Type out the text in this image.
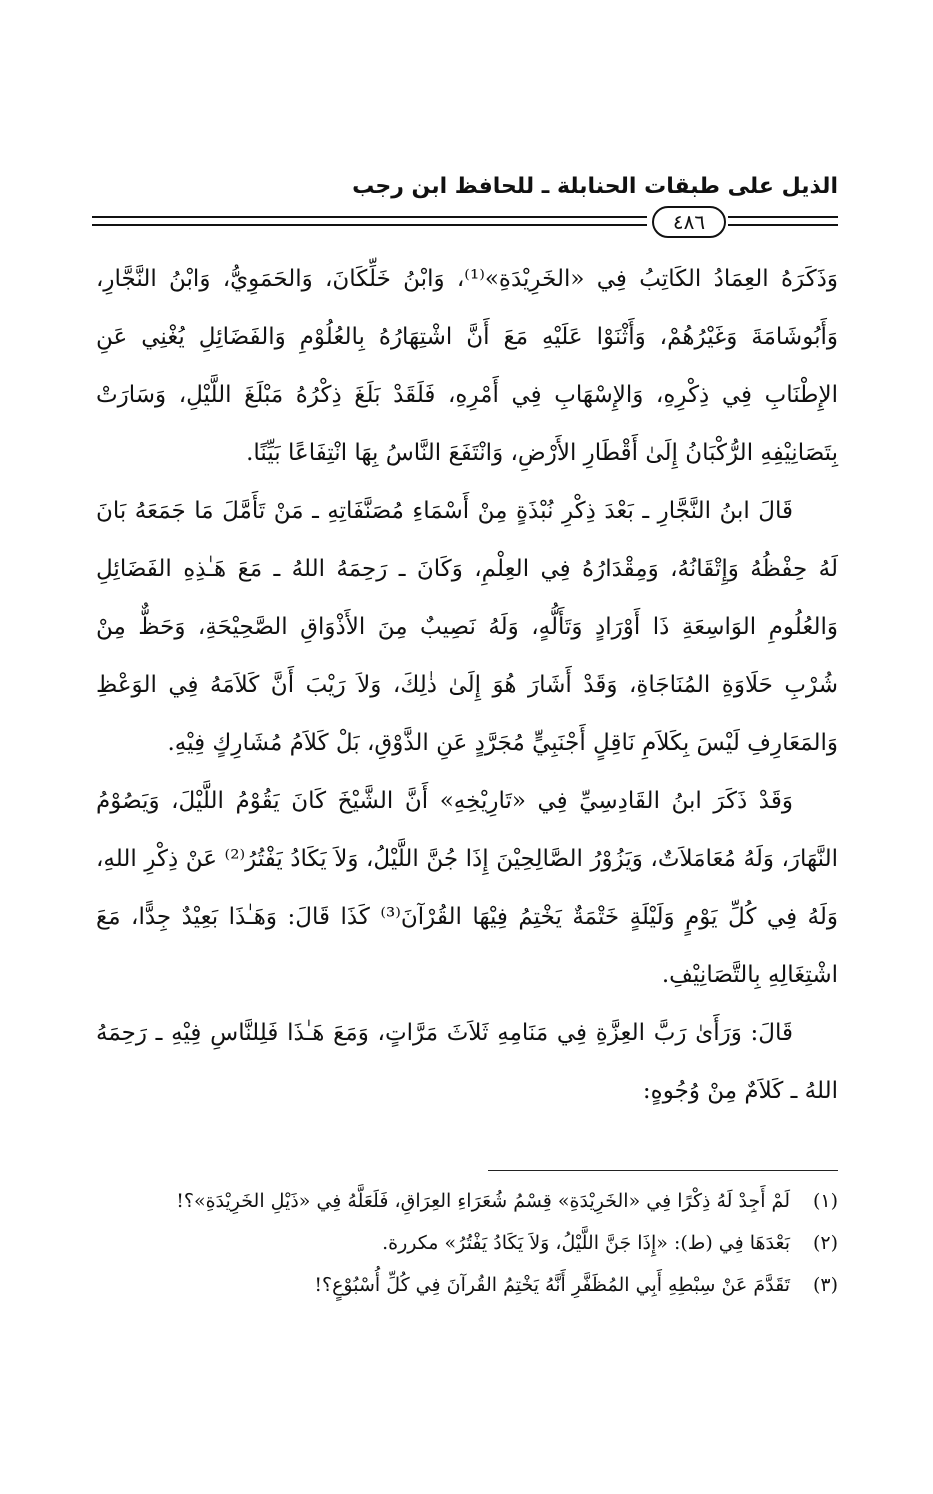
الذيل على طبقات الحنابلة ـ للحافظ ابن رجب
٤٨٦

وَذَكَرَهُ العِمَادُ الكَاتِبُ فِي «الخَرِيْدَةِ»⁽¹⁾، وَابْنُ خَلِّكَانَ، وَالحَمَوِيُّ، وَابْنُ النَّجَّارِ، وَأَبُوشَامَةَ وَغَيْرُهُمْ، وَأَثْنَوْا عَلَيْهِ مَعَ أَنَّ اشْتِهَارُهُ بِالعُلُوْمِ وَالفَضَائِلِ يُغْنِي عَنِ الإِطْنَابِ فِي ذِكْرِهِ، وَالإِسْهَابِ فِي أَمْرِهِ، فَلَقَدْ بَلَغَ ذِكْرُهُ مَبْلَغَ اللَّيْلِ، وَسَارَتْ بِتَصَانِيْفِهِ الرُّكْبَانُ إِلَىٰ أَقْطَارِ الأَرْضِ، وَانْتَفَعَ النَّاسُ بِهَا انْتِفَاعًا بَيِّنًا.

قَالَ ابنُ النَّجَّارِ ـ بَعْدَ ذِكْرِ نُبْذَةٍ مِنْ أَسْمَاءِ مُصَنَّفَاتِهِ ـ مَنْ تَأَمَّلَ مَا جَمَعَهُ بَانَ لَهُ حِفْظُهُ وَإِتْقَانُهُ، وَمِقْدَارُهُ فِي العِلْمِ، وَكَانَ ـ رَحِمَهُ اللهُ ـ مَعَ هَـٰذِهِ الفَضَائِلِ وَالعُلُومِ الوَاسِعَةِ ذَا أَوْرَادٍ وَتَأَلُّهٍ، وَلَهُ نَصِيبٌ مِنَ الأَذْوَاقِ الصَّحِيْحَةِ، وَحَظٌّ مِنْ شُرْبِ حَلَاوَةِ المُنَاجَاةِ، وَقَدْ أَشَارَ هُوَ إِلَىٰ ذٰلِكَ، وَلاَ رَيْبَ أَنَّ كَلاَمَهُ فِي الوَعْظِ وَالمَعَارِفِ لَيْسَ بِكَلاَمِ نَاقِلٍ أَجْنَبِيٍّ مُجَرَّدٍ عَنِ الذَّوْقِ، بَلْ كَلاَمُ مُشَارِكٍ فِيْهِ.

وَقَدْ ذَكَرَ ابنُ القَادِسِيِّ فِي «تَارِيْخِهِ» أَنَّ الشَّيْخَ كَانَ يَقُوْمُ اللَّيْلَ، وَيَصُوْمُ النَّهَارَ، وَلَهُ مُعَامَلاَتٌ، وَيَزُوْرُ الصَّالِحِيْنَ إِذَا جُنَّ اللَّيْلُ، وَلاَ يَكَادُ يَفْتُرُ⁽²⁾ عَنْ ذِكْرِ اللهِ، وَلَهُ فِي كُلِّ يَوْمٍ وَلَيْلَةٍ خَتْمَةٌ يَخْتِمُ فِيْهَا القُرْآنَ⁽³⁾ كَذَا قَالَ: وَهَـٰذَا بَعِيْدٌ جِدًّا، مَعَ اشْتِغَالِهِ بِالتَّصَانِيْفِ.

قَالَ: وَرَأَىٰ رَبَّ العِزَّةِ فِي مَنَامِهِ ثَلاَثَ مَرَّاتٍ، وَمَعَ هَـٰذَا فَلِلنَّاسِ فِيْهِ ـ رَحِمَهُ اللهُ ـ كَلاَمٌ مِنْ وُجُوهٍ:

(١)
لَمْ أَجِدْ لَهُ ذِكْرًا فِي «الخَرِيْدَةِ» قِسْمُ شُعَرَاءِ العِرَاقِ، فَلَعَلَّهُ فِي «ذَيْلِ الخَرِيْدَةِ»؟!
(٢)
بَعْدَهَا فِي (ط): «إِذَا جَنَّ اللَّيْلُ، وَلاَ يَكَادُ يَفْتُرُ» مكررة.
(٣)
تَقَدَّمَ عَنْ سِبْطِهِ أَبِي المُظَفَّرِ أَنَّهُ يَخْتِمُ القُرآنَ فِي كُلِّ أُسْبُوْعٍ؟!
